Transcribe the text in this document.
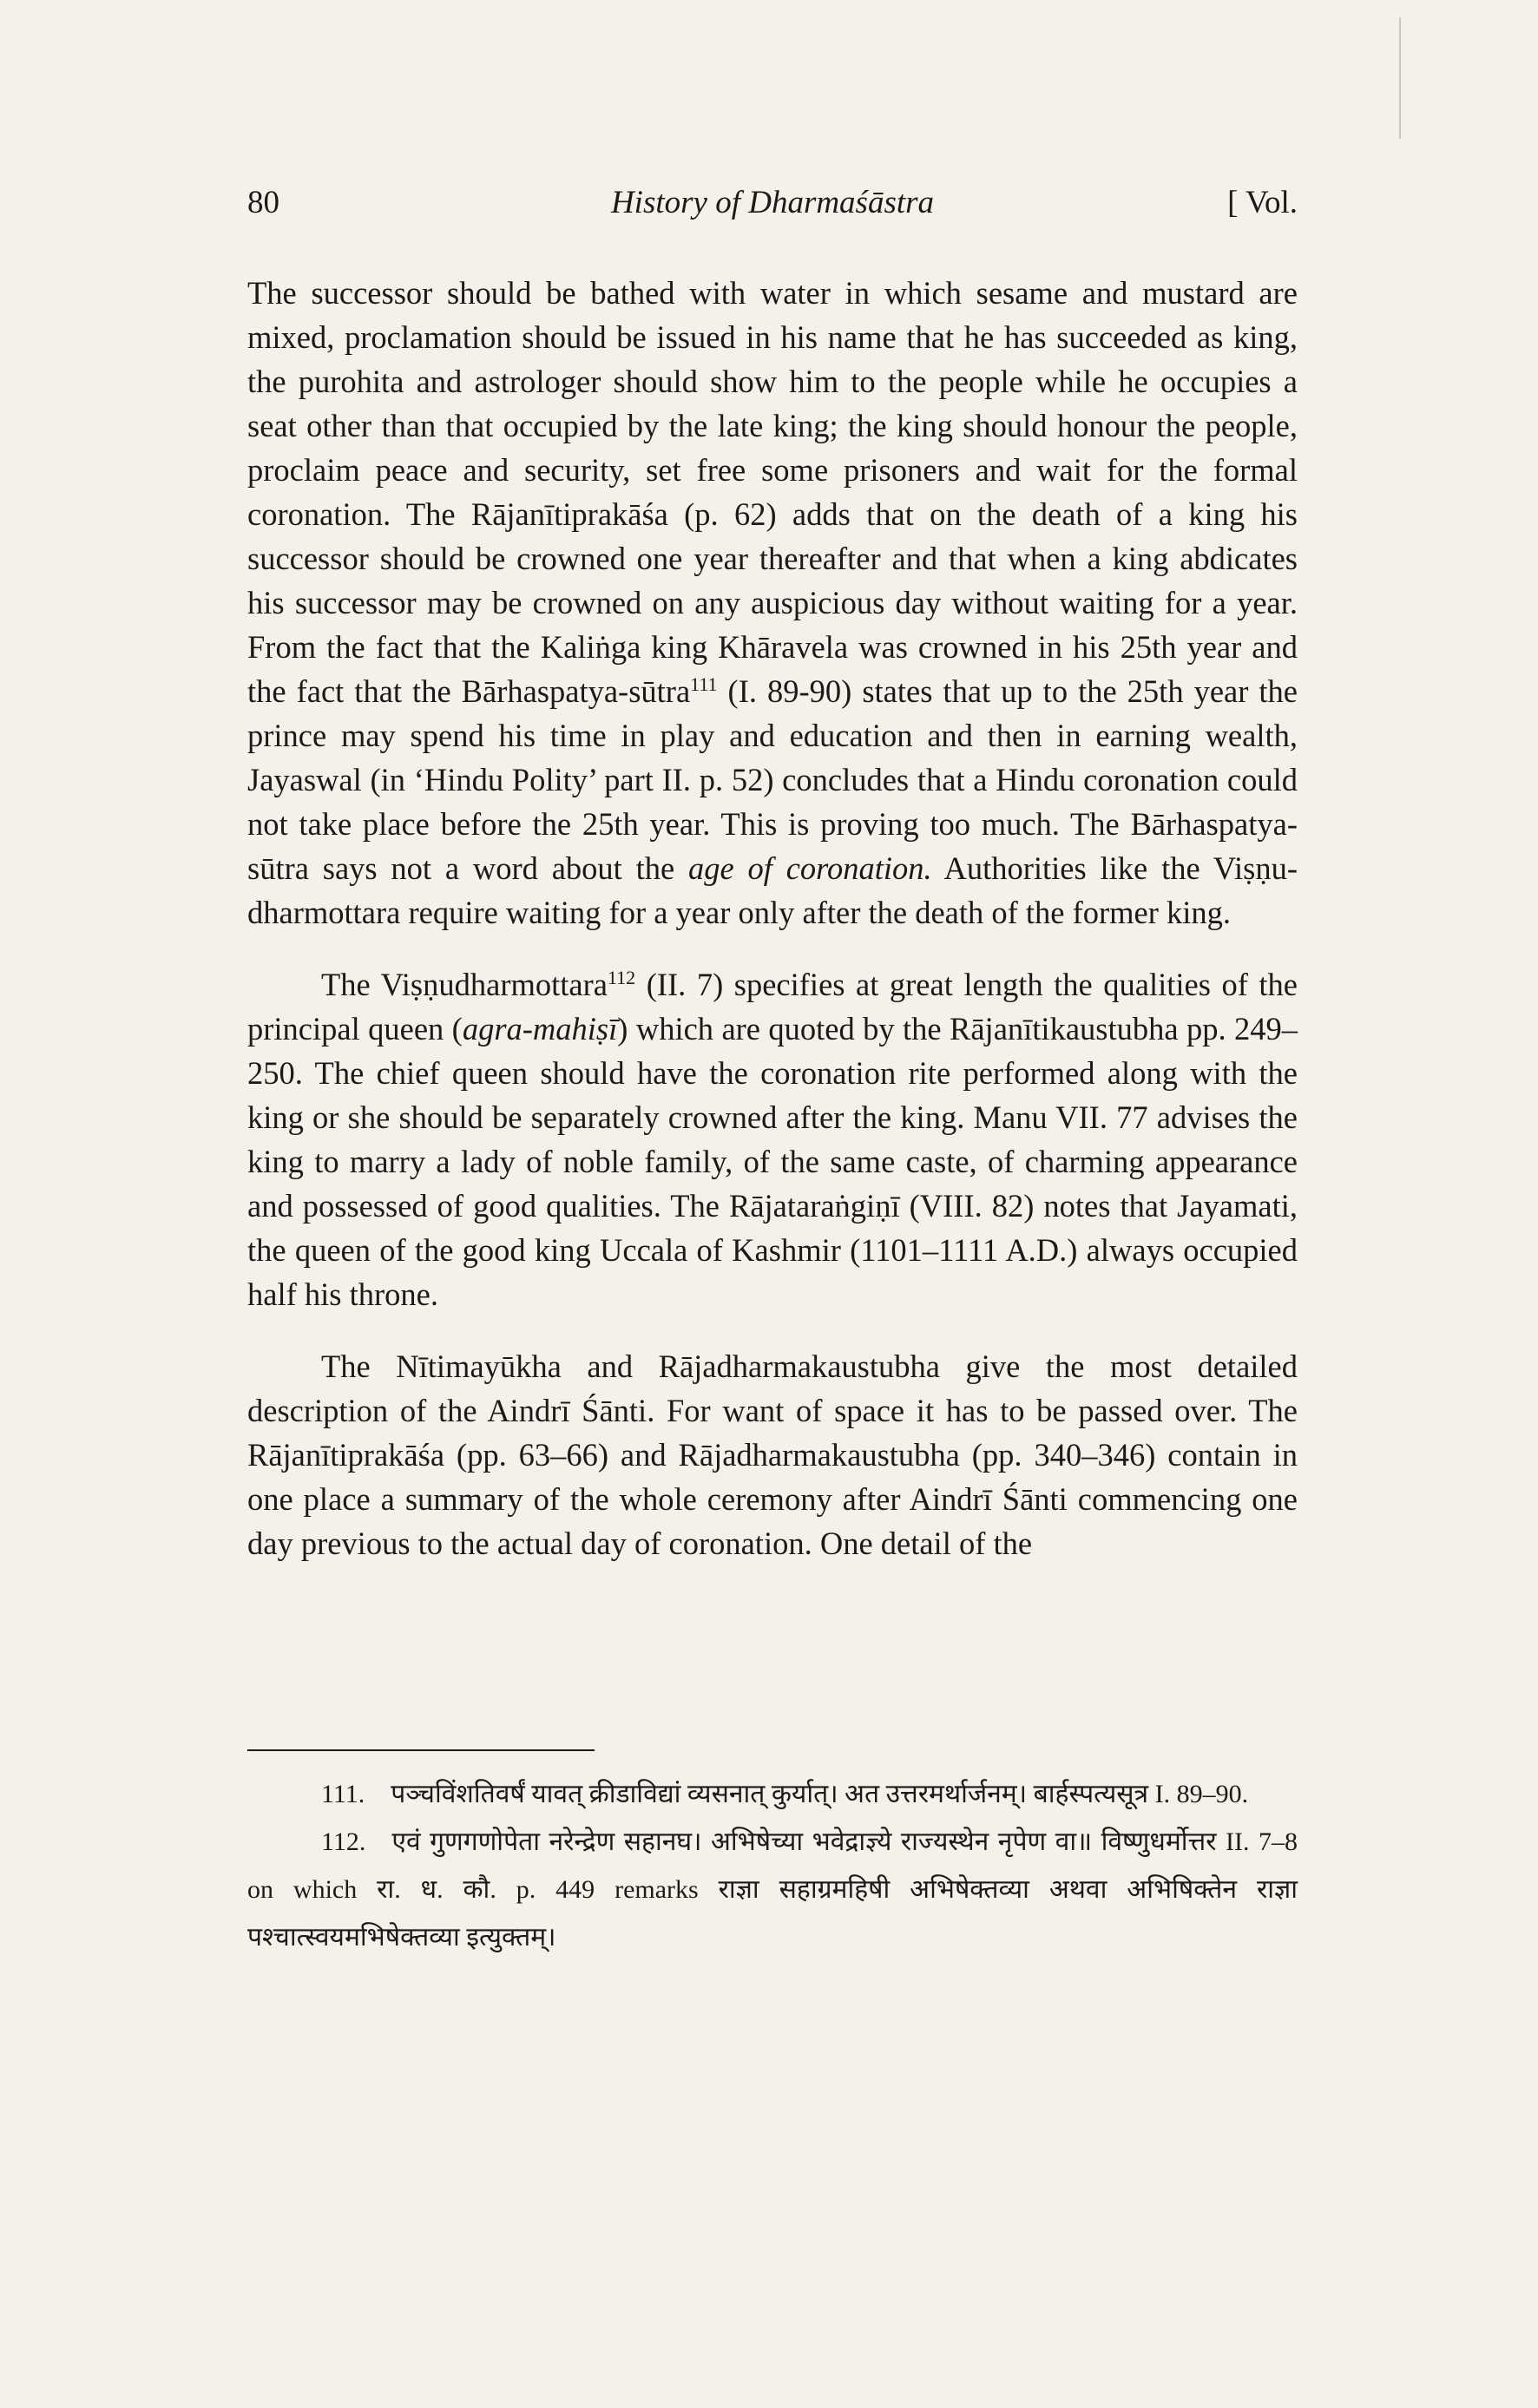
80	History of Dharmaśāstra	[ Vol.

The successor should be bathed with water in which sesame and mustard are mixed, proclamation should be issued in his name that he has succeeded as king, the purohita and astrologer should show him to the people while he occupies a seat other than that occupied by the late king; the king should honour the people, proclaim peace and security, set free some prisoners and wait for the formal coronation. The Rājanītiprakāśa (p. 62) adds that on the death of a king his successor should be crowned one year thereafter and that when a king abdicates his successor may be crowned on any auspicious day without waiting for a year. From the fact that the Kaliṅga king Khāravela was crowned in his 25th year and the fact that the Bārhaspatya-sūtra$^{111}$ (I. 89-90) states that up to the 25th year the prince may spend his time in play and education and then in earning wealth, Jayaswal (in ‘Hindu Polity’ part II. p. 52) concludes that a Hindu coronation could not take place before the 25th year. This is proving too much. The Bārhaspatya-sūtra says not a word about the age of coronation. Authorities like the Viṣṇu-dharmottara require waiting for a year only after the death of the former king.

The Viṣṇudharmottara$^{112}$ (II. 7) specifies at great length the qualities of the principal queen (agra-mahiṣī) which are quoted by the Rājanītikaustubha pp. 249–250. The chief queen should have the coronation rite performed along with the king or she should be separately crowned after the king. Manu VII. 77 advises the king to marry a lady of noble family, of the same caste, of charming appearance and possessed of good qualities. The Rājataraṅgiṇī (VIII. 82) notes that Jayamati, the queen of the good king Uccala of Kashmir (1101–1111 A.D.) always occupied half his throne.

The Nītimayūkha and Rājadharmakaustubha give the most detailed description of the Aindrī Śānti. For want of space it has to be passed over. The Rājanītiprakāśa (pp. 63–66) and Rājadharmakaustubha (pp. 340–346) contain in one place a summary of the whole ceremony after Aindrī Śānti commencing one day previous to the actual day of coronation. One detail of the

111. पञ्चविंशतिवर्षं यावत् क्रीडाविद्यां व्यसनात् कुर्यात्। अत उत्तरमर्थार्जनम्। बार्हस्पत्यसूत्र I. 89–90.

112. एवं गुणगणोपेता नरेन्द्रेण सहानघ। अभिषेच्या भवेद्राज्ञ्ये राज्यस्थेन नृपेण वा॥ विष्णुधर्मोत्तर II. 7–8 on which रा. ध. कौ. p. 449 remarks राज्ञा सहाग्रमहिषी अभिषेक्तव्या अथवा अभिषिक्तेन राज्ञा पश्चात्स्वयमभिषेक्तव्या इत्युक्तम्।
